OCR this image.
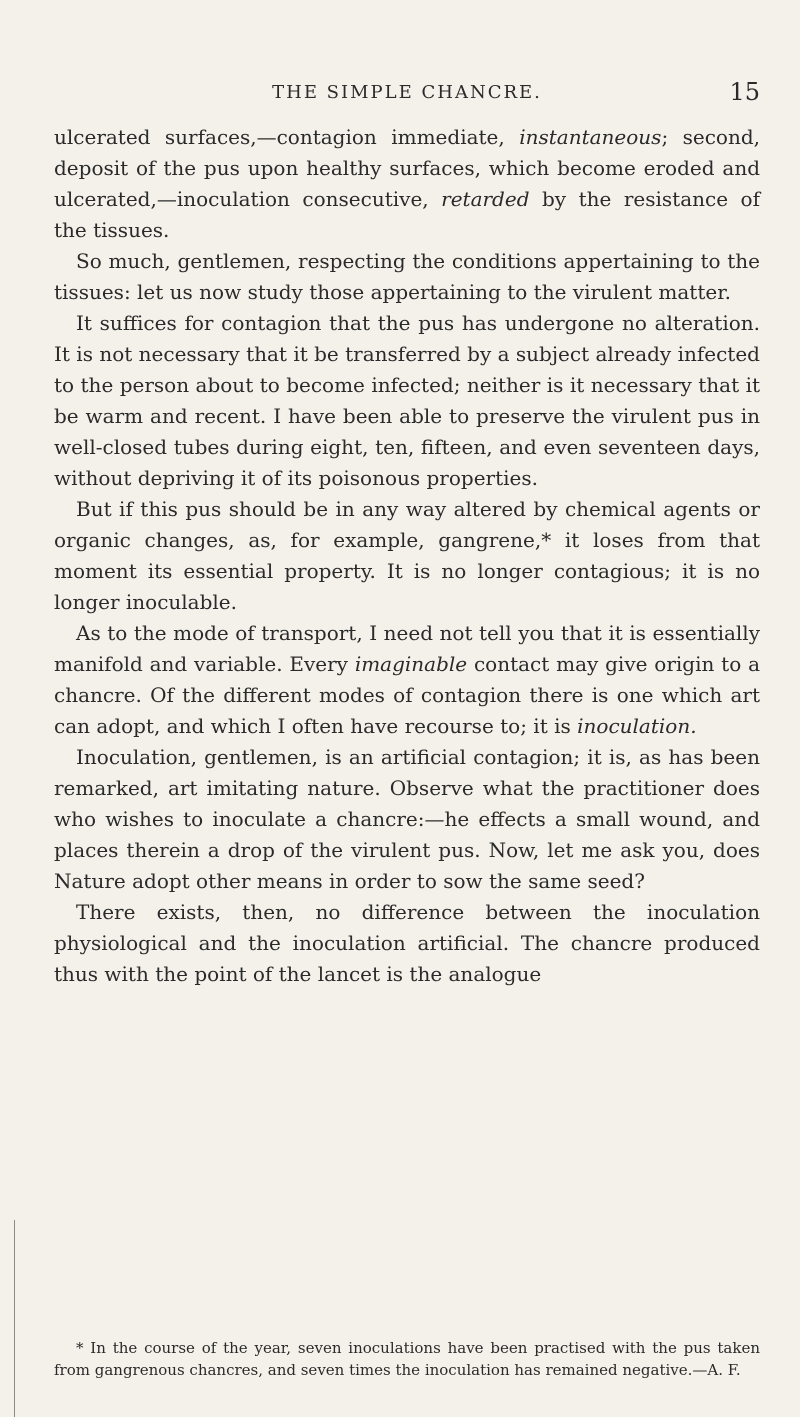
THE SIMPLE CHANCRE.	15

ulcerated surfaces,—contagion immediate, instantaneous; second, deposit of the pus upon healthy surfaces, which become eroded and ulcerated,—inoculation consecutive, retarded by the resistance of the tissues.

So much, gentlemen, respecting the conditions appertaining to the tissues: let us now study those appertaining to the virulent matter.

It suffices for contagion that the pus has undergone no alteration. It is not necessary that it be transferred by a subject already infected to the person about to become infected; neither is it necessary that it be warm and recent. I have been able to preserve the virulent pus in well-closed tubes during eight, ten, fifteen, and even seventeen days, without depriving it of its poisonous properties.

But if this pus should be in any way altered by chemical agents or organic changes, as, for example, gangrene,* it loses from that moment its essential property. It is no longer contagious; it is no longer inoculable.

As to the mode of transport, I need not tell you that it is essentially manifold and variable. Every imaginable contact may give origin to a chancre. Of the different modes of contagion there is one which art can adopt, and which I often have recourse to; it is inoculation.

Inoculation, gentlemen, is an artificial contagion; it is, as has been remarked, art imitating nature. Observe what the practitioner does who wishes to inoculate a chancre:—he effects a small wound, and places therein a drop of the virulent pus. Now, let me ask you, does Nature adopt other means in order to sow the same seed?

There exists, then, no difference between the inoculation physiological and the inoculation artificial. The chancre produced thus with the point of the lancet is the analogue

* In the course of the year, seven inoculations have been practised with the pus taken from gangrenous chancres, and seven times the inoculation has remained negative.—A. F.
